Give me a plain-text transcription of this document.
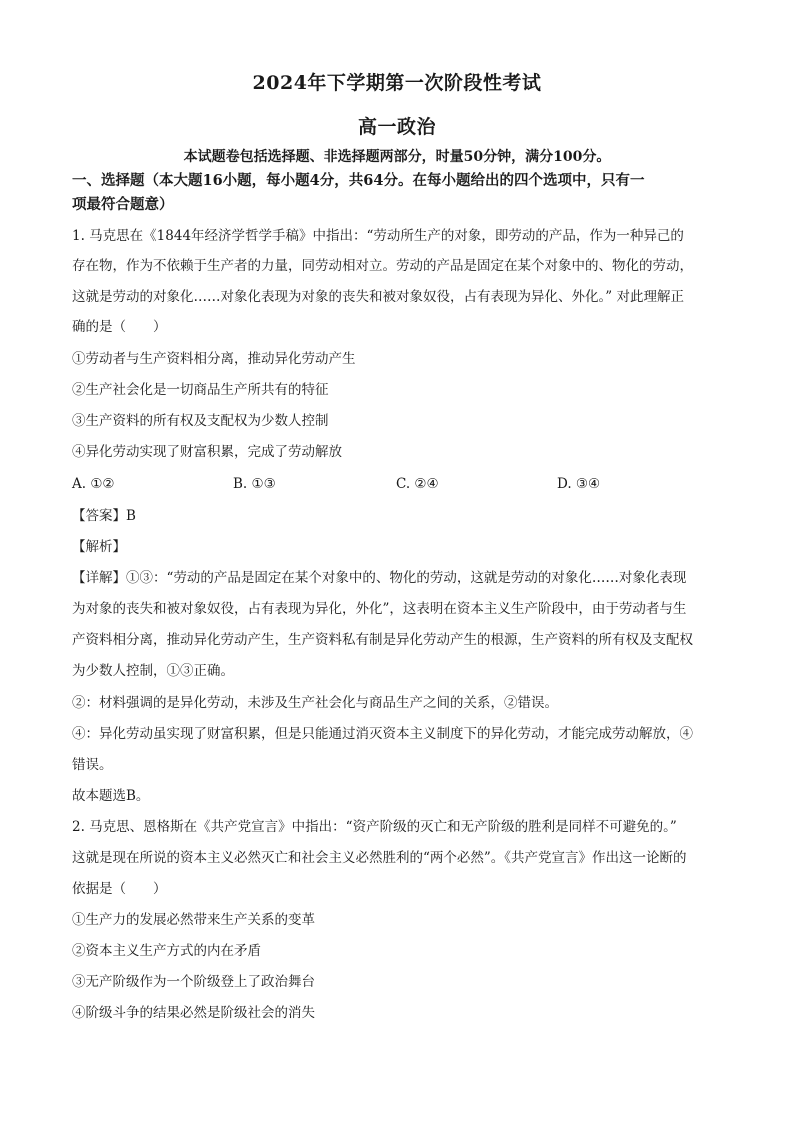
2024年下学期第一次阶段性考试
高一政治
本试题卷包括选择题、非选择题两部分，时量50分钟，满分100分。
一、选择题（本大题16小题，每小题4分，共64分。在每小题给出的四个选项中，只有一
项最符合题意）
1. 马克思在《1844年经济学哲学手稿》中指出：“劳动所生产的对象，即劳动的产品，作为一种异己的
存在物，作为不依赖于生产者的力量，同劳动相对立。劳动的产品是固定在某个对象中的、物化的劳动，
这就是劳动的对象化……对象化表现为对象的丧失和被对象奴役，占有表现为异化、外化。” 对此理解正
确的是（　　）
①劳动者与生产资料相分离，推动异化劳动产生
②生产社会化是一切商品生产所共有的特征
③生产资料的所有权及支配权为少数人控制
④异化劳动实现了财富积累，完成了劳动解放
A. ①②	B. ①③	C. ②④	D. ③④
【答案】B
【解析】
【详解】①③：“劳动的产品是固定在某个对象中的、物化的劳动，这就是劳动的对象化……对象化表现
为对象的丧失和被对象奴役，占有表现为异化，外化”，这表明在资本主义生产阶段中，由于劳动者与生
产资料相分离，推动异化劳动产生，生产资料私有制是异化劳动产生的根源，生产资料的所有权及支配权
为少数人控制，①③正确。
②：材料强调的是异化劳动，未涉及生产社会化与商品生产之间的关系，②错误。
④：异化劳动虽实现了财富积累，但是只能通过消灭资本主义制度下的异化劳动，才能完成劳动解放，④
错误。
故本题选B。
2. 马克思、恩格斯在《共产党宣言》中指出：“资产阶级的灭亡和无产阶级的胜利是同样不可避免的。”
这就是现在所说的资本主义必然灭亡和社会主义必然胜利的“两个必然”。《共产党宣言》作出这一论断的
依据是（　　）
①生产力的发展必然带来生产关系的变革
②资本主义生产方式的内在矛盾
③无产阶级作为一个阶级登上了政治舞台
④阶级斗争的结果必然是阶级社会的消失
